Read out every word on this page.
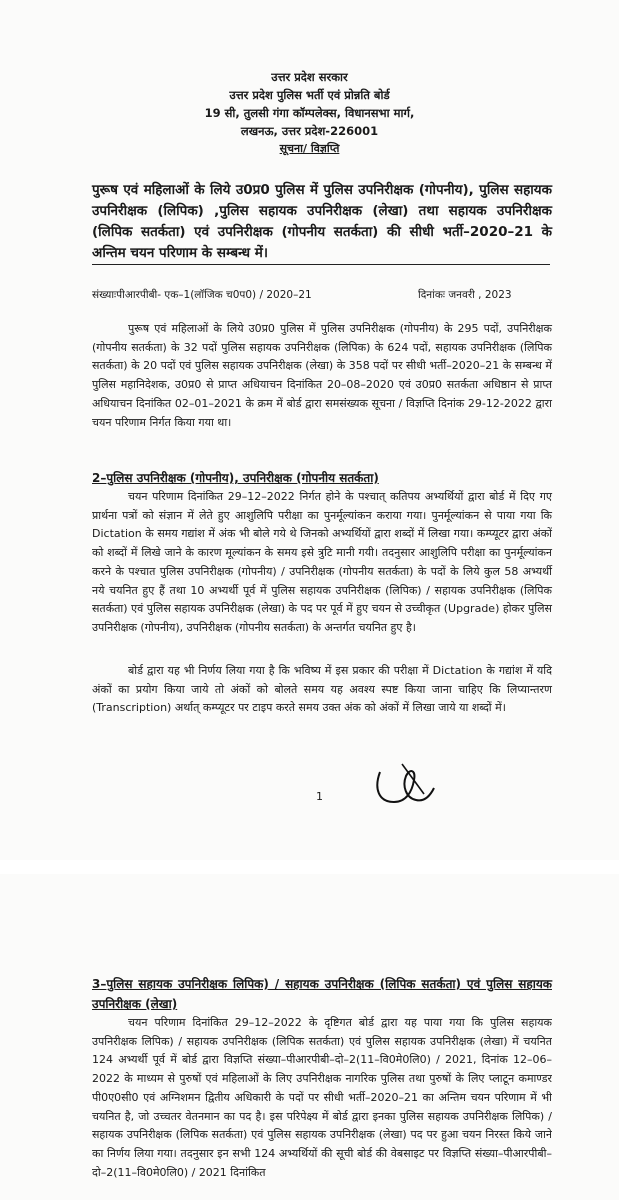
उत्तर प्रदेश सरकार
उत्तर प्रदेश पुलिस भर्ती एवं प्रोन्नति बोर्ड
19 सी, तुलसी गंगा कॉम्पलेक्स, विधानसभा मार्ग,
लखनऊ, उत्तर प्रदेश-226001
सूचना/ विज्ञप्ति
पुरूष एवं महिलाओं के लिये उ0प्र0 पुलिस में पुलिस उपनिरीक्षक (गोपनीय), पुलिस सहायक उपनिरीक्षक (लिपिक) ,पुलिस सहायक उपनिरीक्षक (लेखा) तथा सहायक उपनिरीक्षक (लिपिक सतर्कता) एवं उपनिरीक्षक (गोपनीय सतर्कता) की सीधी भर्ती–2020–21 के अन्तिम चयन परिणाम के सम्बन्ध में।
संख्याःपीआरपीबी- एक–1(लॉजिक च0प0) / 2020–21	दिनांकः जनवरी , 2023
पुरूष एवं महिलाओं के लिये उ0प्र0 पुलिस में पुलिस उपनिरीक्षक (गोपनीय) के 295 पदों, उपनिरीक्षक (गोपनीय सतर्कता) के 32 पदों पुलिस सहायक उपनिरीक्षक (लिपिक) के 624 पदों, सहायक उपनिरीक्षक (लिपिक सतर्कता) के 20 पदों एवं पुलिस सहायक उपनिरीक्षक (लेखा) के 358 पदों पर सीधी भर्ती–2020–21 के सम्बन्ध में पुलिस महानिदेशक, उ0प्र0 से प्राप्त अधियाचन दिनांकित 20–08–2020 एवं उ0प्र0 सतर्कता अधिष्ठान से प्राप्त अधियाचन दिनांकित 02–01–2021 के क्रम में बोर्ड द्वारा समसंख्यक सूचना / विज्ञप्ति दिनांक 29-12-2022 द्वारा चयन परिणाम निर्गत किया गया था।
2–पुलिस उपनिरीक्षक (गोपनीय), उपनिरीक्षक (गोपनीय सतर्कता)
चयन परिणाम दिनांकित 29–12–2022 निर्गत होने के पश्चात् कतिपय अभ्यर्थियों द्वारा बोर्ड में दिए गए प्रार्थना पत्रों को संज्ञान में लेते हुए आशुलिपि परीक्षा का पुनर्मूल्यांकन कराया गया। पुनर्मूल्यांकन से पाया गया कि Dictation के समय गद्यांश में अंक भी बोले गये थे जिनको अभ्यर्थियों द्वारा शब्दों में लिखा गया। कम्प्यूटर द्वारा अंकों को शब्दों में लिखे जाने के कारण मूल्यांकन के समय इसे त्रुटि मानी गयी। तदनुसार आशुलिपि परीक्षा का पुनर्मूल्यांकन करने के पश्चात पुलिस उपनिरीक्षक (गोपनीय) / उपनिरीक्षक (गोपनीय सतर्कता) के पदों के लिये कुल 58 अभ्यर्थी नये चयनित हुए हैं तथा 10 अभ्यर्थी पूर्व में पुलिस सहायक उपनिरीक्षक (लिपिक) / सहायक उपनिरीक्षक (लिपिक सतर्कता) एवं पुलिस सहायक उपनिरीक्षक (लेखा) के पद पर पूर्व में हुए चयन से उच्चीकृत (Upgrade) होकर पुलिस उपनिरीक्षक (गोपनीय), उपनिरीक्षक (गोपनीय सतर्कता) के अन्तर्गत चयनित हुए है।
बोर्ड द्वारा यह भी निर्णय लिया गया है कि भविष्य में इस प्रकार की परीक्षा में Dictation के गद्यांश में यदि अंकों का प्रयोग किया जाये तो अंकों को बोलते समय यह अवश्य स्पष्ट किया जाना चाहिए कि लिप्यान्तरण (Transcription) अर्थात् कम्प्यूटर पर टाइप करते समय उक्त अंक को अंकों में लिखा जाये या शब्दों में।
1
3–पुलिस सहायक उपनिरीक्षक लिपिक) / सहायक उपनिरीक्षक (लिपिक सतर्कता) एवं पुलिस सहायक उपनिरीक्षक (लेखा)
चयन परिणाम दिनांकित 29–12–2022 के दृष्टिगत बोर्ड द्वारा यह पाया गया कि पुलिस सहायक उपनिरीक्षक लिपिक) / सहायक उपनिरीक्षक (लिपिक सतर्कता) एवं पुलिस सहायक उपनिरीक्षक (लेखा) में चयनित 124 अभ्यर्थी पूर्व में बोर्ड द्वारा विज्ञप्ति संख्या–पीआरपीबी–दो–2(11–वि0मे0लि0) / 2021, दिनांक 12–06–2022 के माध्यम से पुरुषों एवं महिलाओं के लिए उपनिरीक्षक नागरिक पुलिस तथा पुरुषों के लिए प्लाटून कमाण्डर पी0ए0सी0 एवं अग्निशमन द्वितीय अधिकारी के पदों पर सीधी भर्ती–2020–21 का अन्तिम चयन परिणाम में भी चयनित है, जो उच्चतर वेतनमान का पद है। इस परिपेक्ष्य में बोर्ड द्वारा इनका पुलिस सहायक उपनिरीक्षक लिपिक) / सहायक उपनिरीक्षक (लिपिक सतर्कता) एवं पुलिस सहायक उपनिरीक्षक (लेखा) पद पर हुआ चयन निरस्त किये जाने का निर्णय लिया गया। तदनुसार इन सभी 124 अभ्यर्थियों की सूची बोर्ड की वेबसाइट पर विज्ञप्ति संख्या–पीआरपीबी–दो–2(11–वि0मे0लि0) / 2021 दिनांकित
